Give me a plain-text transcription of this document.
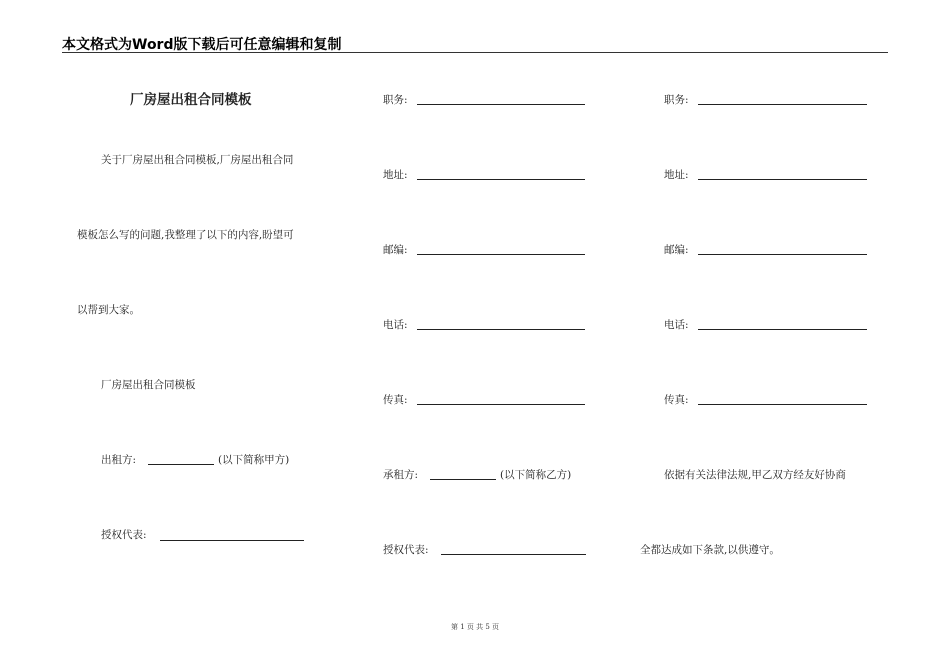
本文格式为Word版下载后可任意编辑和复制
厂房屋出租合同模板
关于厂房屋出租合同模板,厂房屋出租合同
模板怎么写的问题,我整理了以下的内容,盼望可
以帮到大家。
厂房屋出租合同模板
出租方:	(以下简称甲方)
授权代表:
职务:
地址:
邮编:
电话:
传真:
承租方:	(以下简称乙方)
授权代表:
职务:
地址:
邮编:
电话:
传真:
依据有关法律法规,甲乙双方经友好协商
全都达成如下条款,以供遵守。
第 1 页 共 5 页
